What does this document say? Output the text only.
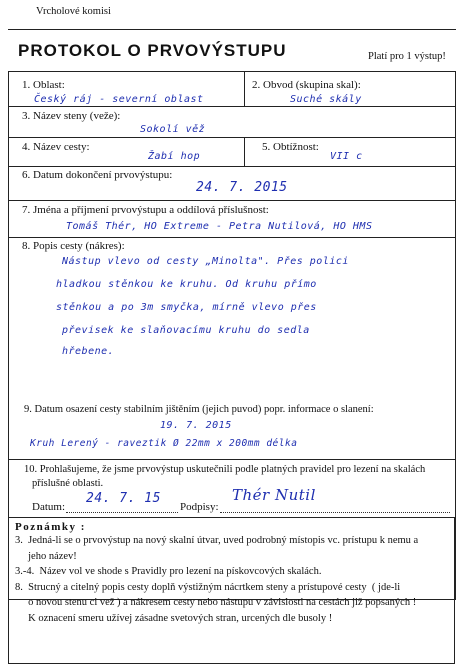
Vrcholové komisi
PROTOKOL O PRVOVÝSTUPU	Platí pro 1 výstup!
1. Oblast:
Český ráj - severní oblast
2. Obvod (skupina skal):
Suché skály
3. Název steny (veže):
Sokolí věž
4. Název cesty:
Žabí hop
5. Obtížnost:
VII c
6. Datum dokončení prvovýstupu:
24. 7. 2015
7. Jména a příjmení prvovýstupu a oddílová příslušnost:
Tomáš Thér, HO Extreme - Petra Nutilová, HO HMS
8. Popis cesty (nákres):
Nástup vlevo od cesty „Minolta". Přes polici
hladkou stěnkou ke kruhu. Od kruhu přímo
stěnkou a po 3m smyčka, mírně vlevo přes
převisek ke slaňovacímu kruhu do sedla
hřebene.
9. Datum osazení cesty stabilním jištěním (jejich puvod) popr. informace o slanení:
19. 7. 2015
Kruh Lerený - raveztik Ø 22mm x 200mm délka
10. Prohlašujeme, že jsme prvovýstup uskutečnili podle platných pravidel pro lezení na skalách
příslušné oblasti.
Datum:
24. 7. 15
Podpisy:
Thér Nutil
Poznámky :
3.  Jedná-li se o prvovýstup na nový skalní útvar, uved podrobný místopis vc. prístupu k nemu a
jeho název!
3.-4.  Název vol ve shode s Pravidly pro lezení na pískovcových skalách.
8.  Strucný a citelný popis cesty doplň výstižným nácrtkem steny a prístupové cesty  ( jde-li
o novou stenu ci vež ) a nákresem cesty nebo nástupu v závislosti na cestách již popsaných !
K oznacení smeru užívej zásadne svetových stran, urcených dle busoly !
